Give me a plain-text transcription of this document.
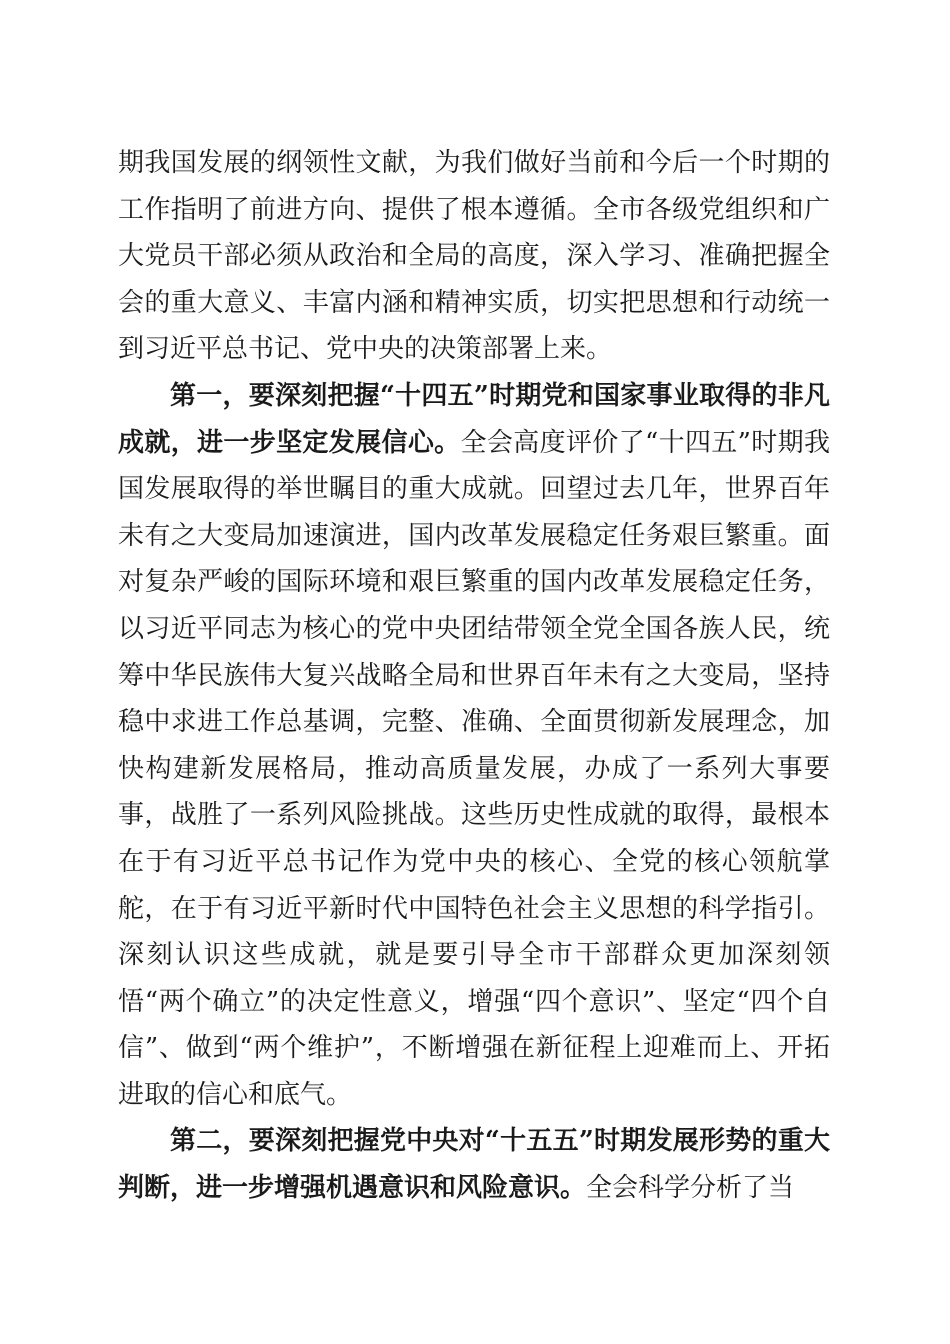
期我国发展的纲领性文献，为我们做好当前和今后一个时期的工作指明了前进方向、提供了根本遵循。全市各级党组织和广大党员干部必须从政治和全局的高度，深入学习、准确把握全会的重大意义、丰富内涵和精神实质，切实把思想和行动统一到习近平总书记、党中央的决策部署上来。

第一，要深刻把握“十四五”时期党和国家事业取得的非凡成就，进一步坚定发展信心。全会高度评价了“十四五”时期我国发展取得的举世瞩目的重大成就。回望过去几年，世界百年未有之大变局加速演进，国内改革发展稳定任务艰巨繁重。面对复杂严峻的国际环境和艰巨繁重的国内改革发展稳定任务，以习近平同志为核心的党中央团结带领全党全国各族人民，统筹中华民族伟大复兴战略全局和世界百年未有之大变局，坚持稳中求进工作总基调，完整、准确、全面贯彻新发展理念，加快构建新发展格局，推动高质量发展，办成了一系列大事要事，战胜了一系列风险挑战。这些历史性成就的取得，最根本在于有习近平总书记作为党中央的核心、全党的核心领航掌舵，在于有习近平新时代中国特色社会主义思想的科学指引。深刻认识这些成就，就是要引导全市干部群众更加深刻领悟“两个确立”的决定性意义，增强“四个意识”、坚定“四个自信”、做到“两个维护”，不断增强在新征程上迎难而上、开拓进取的信心和底气。

第二，要深刻把握党中央对“十五五”时期发展形势的重大判断，进一步增强机遇意识和风险意识。全会科学分析了当
